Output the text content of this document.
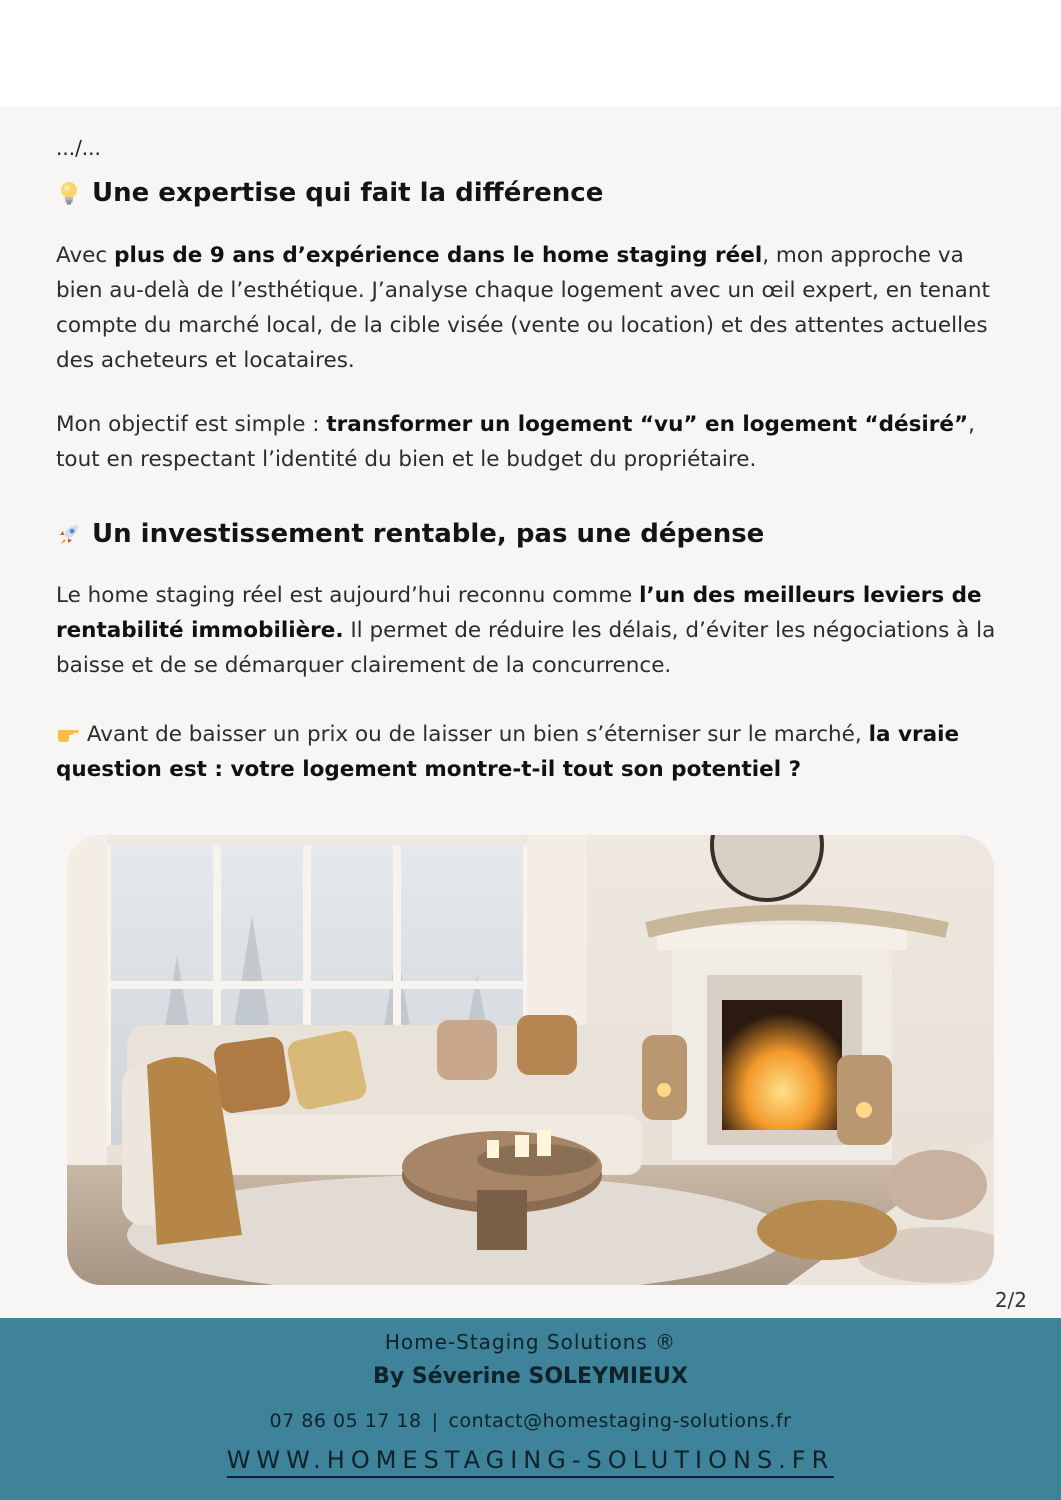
.../...
Une expertise qui fait la différence

Avec plus de 9 ans d’expérience dans le home staging réel, mon approche va bien au-delà de l’esthétique. J’analyse chaque logement avec un œil expert, en tenant compte du marché local, de la cible visée (vente ou location) et des attentes actuelles des acheteurs et locataires.

Mon objectif est simple : transformer un logement “vu” en logement “désiré”, tout en respectant l’identité du bien et le budget du propriétaire.

Un investissement rentable, pas une dépense

Le home staging réel est aujourd’hui reconnu comme l’un des meilleurs leviers de rentabilité immobilière. Il permet de réduire les délais, d’éviter les négociations à la baisse et de se démarquer clairement de la concurrence.

Avant de baisser un prix ou de laisser un bien s’éterniser sur le marché, la vraie question est : votre logement montre-t-il tout son potentiel ?

2/2
Home-Staging Solutions ®
By Séverine SOLEYMIEUX
07 86 05 17 18 | contact@homestaging-solutions.fr
WWW.HOMESTAGING-SOLUTIONS.FR
